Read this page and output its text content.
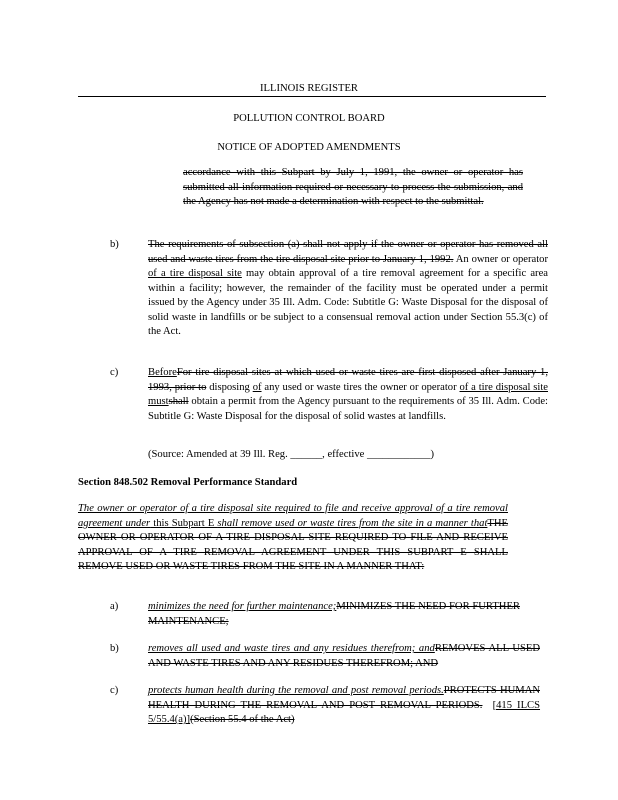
ILLINOIS REGISTER
POLLUTION CONTROL BOARD
NOTICE OF ADOPTED AMENDMENTS
accordance with this Subpart by July 1, 1991, the owner or operator has submitted all information required or necessary to process the submission, and the Agency has not made a determination with respect to the submittal.
b)	The requirements of subsection (a) shall not apply if the owner or operator has removed all used and waste tires from the tire disposal site prior to January 1, 1992. An owner or operator of a tire disposal site may obtain approval of a tire removal agreement for a specific area within a facility; however, the remainder of the facility must be operated under a permit issued by the Agency under 35 Ill. Adm. Code: Subtitle G: Waste Disposal for the disposal of solid waste in landfills or be subject to a consensual removal action under Section 55.3(c) of the Act.
c)	BeforeFor tire disposal sites at which used or waste tires are first disposed after January 1, 1993, prior to disposing of any used or waste tires the owner or operator of a tire disposal site mustshall obtain a permit from the Agency pursuant to the requirements of 35 Ill. Adm. Code: Subtitle G: Waste Disposal for the disposal of solid wastes at landfills.
(Source: Amended at 39 Ill. Reg. ______, effective ____________)
Section 848.502 Removal Performance Standard
The owner or operator of a tire disposal site required to file and receive approval of a tire removal agreement under this Subpart E shall remove used or waste tires from the site in a manner thatTHE OWNER OR OPERATOR OF A TIRE DISPOSAL SITE REQUIRED TO FILE AND RECEIVE APPROVAL OF A TIRE REMOVAL AGREEMENT UNDER THIS SUBPART E SHALL REMOVE USED OR WASTE TIRES FROM THE SITE IN A MANNER THAT:
a)	minimizes the need for further maintenance;MINIMIZES THE NEED FOR FURTHER MAINTENANCE;
b)	removes all used and waste tires and any residues therefrom; andREMOVES ALL USED AND WASTE TIRES AND ANY RESIDUES THEREFROM; AND
c)	protects human health during the removal and post removal periods.PROTECTS HUMAN HEALTH DURING THE REMOVAL AND POST REMOVAL PERIODS. [415 ILCS 5/55.4(a)](Section 55.4 of the Act)
